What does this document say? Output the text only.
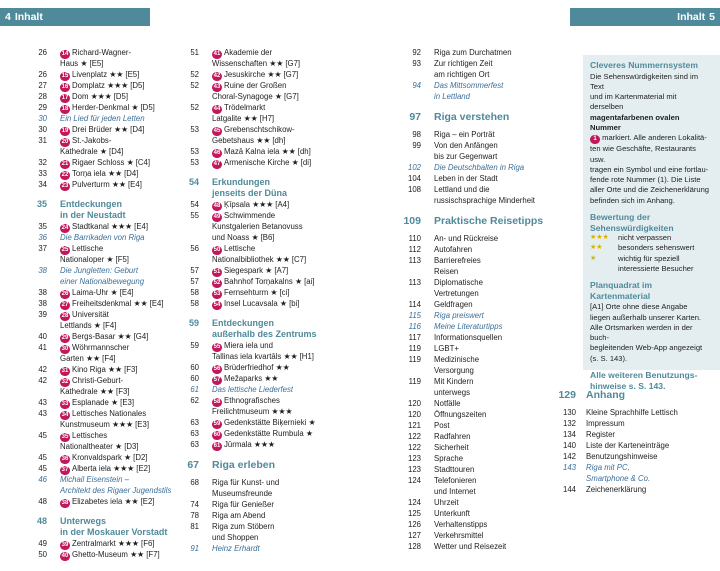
4 Inhalt	Inhalt 5
26 14 Richard-Wagner-
Haus ★ [E5]
26 15 Livenplatz ★★ [E5]
27 16 Domplatz ★★★ [D5]
28 17 Dom ★★★ [D5]
29 18 Herder-Denkmal ★ [D5]
30 Ein Lied für jeden Letten
30 19 Drei Brüder ★★ [D4]
31 20 St.-Jakobs-
Kathedrale ★ [D4]
32 21 Rigaer Schloss ★ [C4]
33 22 Torņa iela ★★ [D4]
34 23 Pulverturm ★★ [E4]
35 Entdeckungen
in der Neustadt
35 24 Stadtkanal ★★★ [E4]
36 Die Barrikaden von Riga
37 25 Lettische
Nationaloper ★ [F5]
38 Die Jungletten: Geburt
einer Nationalbewegung
38 26 Laima-Uhr ★ [E4]
38 27 Freiheitsdenkmal ★★ [E4]
39 28 Universität
Lettlands ★ [F4]
40 29 Bergs-Basar ★★ [G4]
41 30 Wöhrmannscher
Garten ★★ [F4]
42 31 Kino Riga ★★ [F3]
42 32 Christi-Geburt-
Kathedrale ★★ [F3]
43 33 Esplanade ★ [E3]
43 34 Lettisches Nationales
Kunstmuseum ★★★ [E3]
45 35 Lettisches
Nationaltheater ★ [D3]
45 36 Kronvaldspark ★ [D2]
45 37 Alberta iela ★★★ [E2]
46 Michail Eisenstein –
Architekt des Rigaer Jugendstils
48 38 Elizabetes iela ★★ [E2]
48 Unterwegs
in der Moskauer Vorstadt
49 39 Zentralmarkt ★★★ [F6]
50 40 Ghetto-Museum ★★ [F7]
51 41 Akademie der
Wissenschaften ★★ [G7]
52 42 Jesuskirche ★★ [G7]
52 43 Ruine der Großen
Choral-Synagoge ★ [G7]
52 44 Trödelmarkt
Latgalite ★★ [H7]
53 45 Grebenschtschikow-
Gebetshaus ★★ [dh]
53 46 Mazā Kalna iela ★★ [dh]
53 47 Armenische Kirche ★ [di]
54 Erkundungen
jenseits der Düna
54 48 Ķīpsala ★★★ [A4]
55 49 Schwimmende
Kunstgalerien Betanovuss
und Noass ★ [B6]
56 50 Lettische
Nationalbibliothek ★★ [C7]
57 51 Siegespark ★ [A7]
57 52 Bahnhof Torņakalns ★ [ai]
58 53 Fernsehturm ★ [ci]
58 54 Insel Lucavsala ★ [bi]
59 Entdeckungen
außerhalb des Zentrums
59 55 Miera iela und
Tallinas iela kvartāls ★★ [H1]
60 56 Brüderfriedhof ★★
60 57 Mežaparks ★★
61 Das lettische Liederfest
62 58 Ethnografisches
Freilichtmuseum ★★★
63 59 Gedenkstätte Biķernieki ★
63 60 Gedenkstätte Rumbula ★
63 61 Jūrmala ★★★
67 Riga erleben
68 Riga für Kunst- und
Museumsfreunde
74 Riga für Genießer
78 Riga am Abend
81 Riga zum Stöbern
und Shoppen
91 Heinz Erhardt
92 Riga zum Durchatmen
93 Zur richtigen Zeit
am richtigen Ort
94 Das Mittsommerfest
in Lettland
97 Riga verstehen
98 Riga – ein Porträt
99 Von den Anfängen
bis zur Gegenwart
102 Die Deutschbalten in Riga
104 Leben in der Stadt
108 Lettland und die
russischsprachige Minderheit
109 Praktische Reisetipps
110 An- und Rückreise
112 Autofahren
113 Barrierefreies
Reisen
113 Diplomatische
Vertretungen
114 Geldfragen
115 Riga preiswert
116 Meine Literaturtipps
117 Informationsquellen
119 LGBT+
119 Medizinische
Versorgung
119 Mit Kindern
unterwegs
120 Notfälle
120 Öffnungszeiten
121 Post
122 Radfahren
122 Sicherheit
123 Sprache
123 Stadttouren
124 Telefonieren
und Internet
124 Uhrzeit
125 Unterkunft
126 Verhaltenstipps
127 Verkehrsmittel
128 Wetter und Reisezeit
Cleveres Nummernsystem

Die Sehenswürdigkeiten sind im Text
und im Kartenmaterial mit derselben
magentafarbenen ovalen Nummer
1 markiert. Alle anderen Lokalitä-
ten wie Geschäfte, Restaurants usw.
tragen ein Symbol und eine fortlau-
fende rote Nummer (1). Die Liste
aller Orte und die Zeichenerklärung
befinden sich im Anhang.

Bewertung der
Sehenswürdigkeiten
★★★ nicht verpassen
★★ besonders sehenswert
★	wichtig für speziell
interessierte Besucher
Planquadrat im Kartenmaterial

[A1] Orte ohne diese Angabe
liegen außerhalb unserer Karten.
Alle Ortsmarken werden in der buch-
begleitenden Web-App angezeigt
(s. S. 143).

Alle weiteren Benutzungs-
hinweise s. S. 143.
129 Anhang
130 Kleine Sprachhilfe Lettisch
132 Impressum
134 Register
140 Liste der Karteneinträge
142 Benutzungshinweise
143 Riga mit PC,
Smartphone & Co.
144 Zeichenerklärung
